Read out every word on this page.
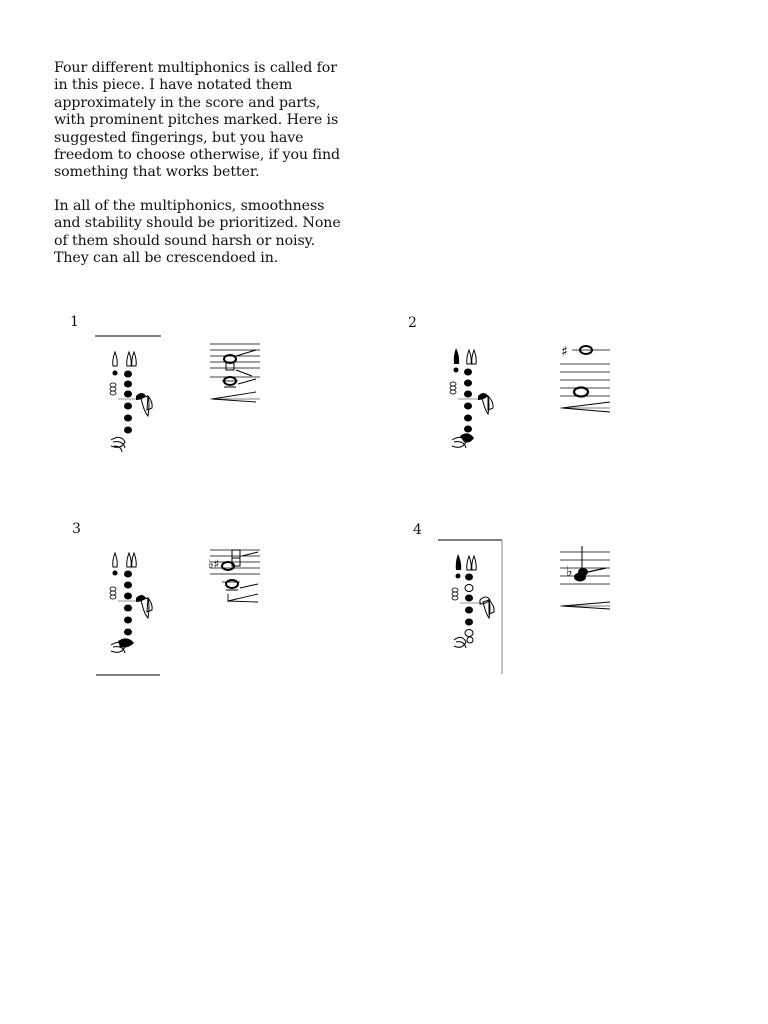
Four different multiphonics is called for in this piece. I have notated them approximately in the score and parts, with prominent pitches marked. Here is suggested fingerings, but you have freedom to choose otherwise, if you find something that works better.

In all of the multiphonics, smoothness and stability should be prioritized. None of them should sound harsh or noisy. They can all be crescendoed in.

1	2
♯
3
♭♯
4
♭
